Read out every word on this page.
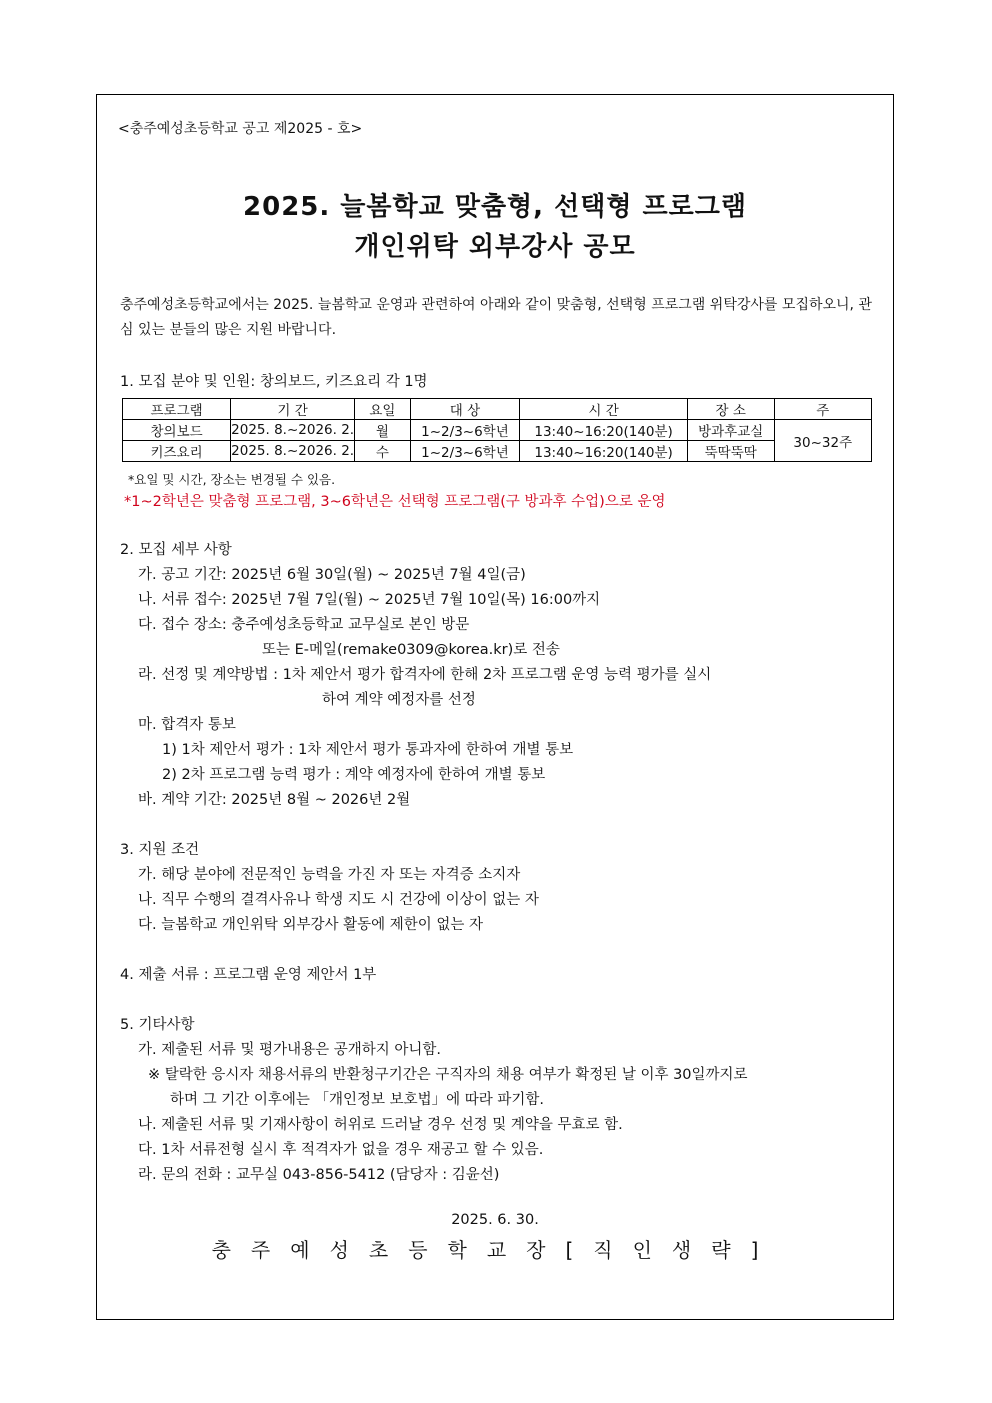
<충주예성초등학교 공고 제2025 - 호>
2025. 늘봄학교 맞춤형, 선택형 프로그램
개인위탁 외부강사 공모
충주예성초등학교에서는 2025. 늘봄학교 운영과 관련하여 아래와 같이 맞춤형, 선택형 프로그램 위탁강사를 모집하오니, 관심 있는 분들의 많은 지원 바랍니다.
1. 모집 분야 및 인원: 창의보드, 키즈요리 각 1명
프로그램	기 간	요일	대 상	시 간	장 소	주
창의보드	2025. 8.~2026. 2.	월	1~2/3~6학년	13:40~16:20(140분)	방과후교실	30~32주
키즈요리	2025. 8.~2026. 2.	수	1~2/3~6학년	13:40~16:20(140분)	뚝딱뚝딱	
*요일 및 시간, 장소는 변경될 수 있음.
*1~2학년은 맞춤형 프로그램, 3~6학년은 선택형 프로그램(구 방과후 수업)으로 운영
2. 모집 세부 사항
가. 공고 기간: 2025년 6월 30일(월) ~ 2025년 7월 4일(금)
나. 서류 접수: 2025년 7월 7일(월) ~ 2025년 7월 10일(목) 16:00까지
다. 접수 장소: 충주예성초등학교 교무실로 본인 방문
또는 E-메일(remake0309@korea.kr)로 전송
라. 선정 및 계약방법 : 1차 제안서 평가 합격자에 한해 2차 프로그램 운영 능력 평가를 실시
하여 계약 예정자를 선정
마. 합격자 통보
1) 1차 제안서 평가 : 1차 제안서 평가 통과자에 한하여 개별 통보
2) 2차 프로그램 능력 평가 : 계약 예정자에 한하여 개별 통보
바. 계약 기간: 2025년 8월 ~ 2026년 2월
3. 지원 조건
가. 해당 분야에 전문적인 능력을 가진 자 또는 자격증 소지자
나. 직무 수행의 결격사유나 학생 지도 시 건강에 이상이 없는 자
다. 늘봄학교 개인위탁 외부강사 활동에 제한이 없는 자
4. 제출 서류 : 프로그램 운영 제안서 1부
5. 기타사항
가. 제출된 서류 및 평가내용은 공개하지 아니함.
※ 탈락한 응시자 채용서류의 반환청구기간은 구직자의 채용 여부가 확정된 날 이후 30일까지로
하며 그 기간 이후에는 「개인정보 보호법」에 따라 파기함.
나. 제출된 서류 및 기재사항이 허위로 드러날 경우 선정 및 계약을 무효로 함.
다. 1차 서류전형 실시 후 적격자가 없을 경우 재공고 할 수 있음.
라. 문의 전화 : 교무실 043-856-5412 (담당자 : 김윤선)
2025. 6. 30.
충주예성초등학교장[직인생략]
